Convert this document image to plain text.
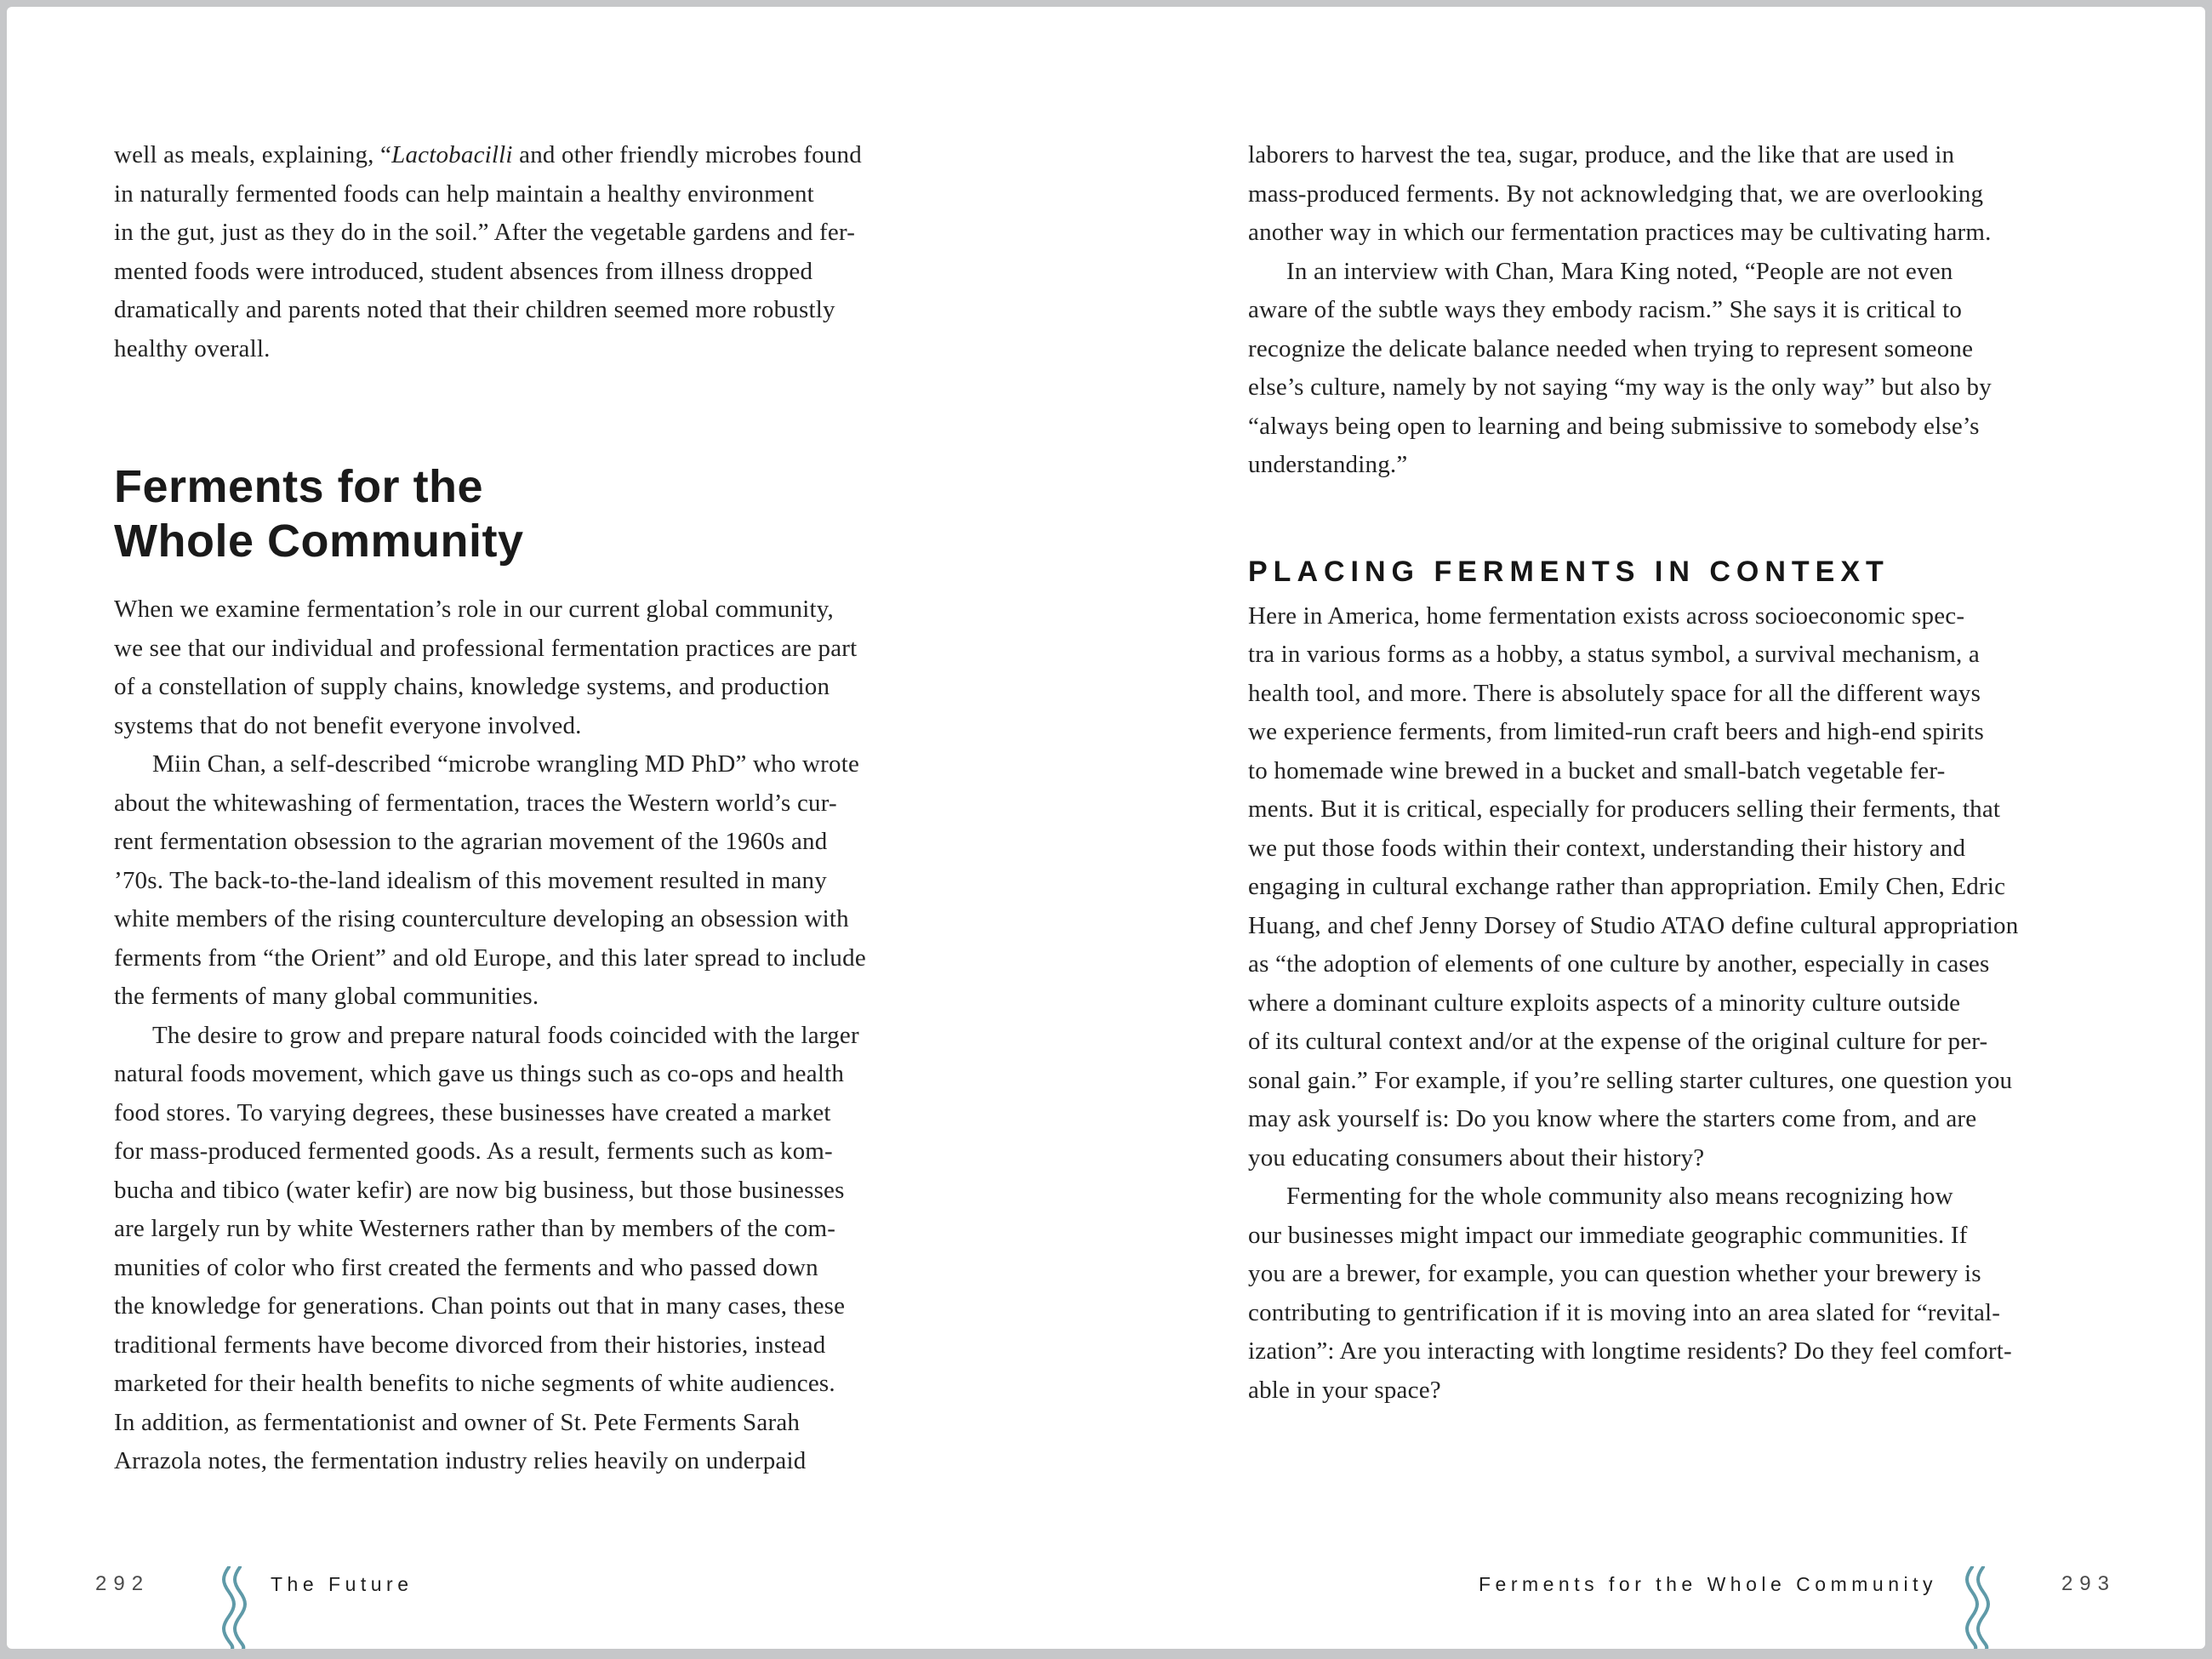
well as meals, explaining, “Lactobacilli and other friendly microbes found
in naturally fermented foods can help maintain a healthy environment
in the gut, just as they do in the soil.” After the vegetable gardens and fer-
mented foods were introduced, student absences from illness dropped
dramatically and parents noted that their children seemed more robustly
healthy overall.

Ferments for the
Whole Community

When we examine fermentation’s role in our current global community,
we see that our individual and professional fermentation practices are part
of a constellation of supply chains, knowledge systems, and production
systems that do not benefit everyone involved.

Miin Chan, a self-described “microbe wrangling MD PhD” who wrote
about the whitewashing of fermentation, traces the Western world’s cur-
rent fermentation obsession to the agrarian movement of the 1960s and
’70s. The back-to-the-land idealism of this movement resulted in many
white members of the rising counterculture developing an obsession with
ferments from “the Orient” and old Europe, and this later spread to include
the ferments of many global communities.

The desire to grow and prepare natural foods coincided with the larger
natural foods movement, which gave us things such as co-ops and health
food stores. To varying degrees, these businesses have created a market
for mass-produced fermented goods. As a result, ferments such as kom-
bucha and tibico (water kefir) are now big business, but those businesses
are largely run by white Westerners rather than by members of the com-
munities of color who first created the ferments and who passed down
the knowledge for generations. Chan points out that in many cases, these
traditional ferments have become divorced from their histories, instead
marketed for their health benefits to niche segments of white audiences.
In addition, as fermentationist and owner of St. Pete Ferments Sarah
Arrazola notes, the fermentation industry relies heavily on underpaid

laborers to harvest the tea, sugar, produce, and the like that are used in
mass-produced ferments. By not acknowledging that, we are overlooking
another way in which our fermentation practices may be cultivating harm.

In an interview with Chan, Mara King noted, “People are not even
aware of the subtle ways they embody racism.” She says it is critical to
recognize the delicate balance needed when trying to represent someone
else’s culture, namely by not saying “my way is the only way” but also by
“always being open to learning and being submissive to somebody else’s
understanding.”

PLACING FERMENTS IN CONTEXT

Here in America, home fermentation exists across socioeconomic spec-
tra in various forms as a hobby, a status symbol, a survival mechanism, a
health tool, and more. There is absolutely space for all the different ways
we experience ferments, from limited-run craft beers and high-end spirits
to homemade wine brewed in a bucket and small-batch vegetable fer-
ments. But it is critical, especially for producers selling their ferments, that
we put those foods within their context, understanding their history and
engaging in cultural exchange rather than appropriation. Emily Chen, Edric
Huang, and chef Jenny Dorsey of Studio ATAO define cultural appropriation
as “the adoption of elements of one culture by another, especially in cases
where a dominant culture exploits aspects of a minority culture outside
of its cultural context and/or at the expense of the original culture for per-
sonal gain.” For example, if you’re selling starter cultures, one question you
may ask yourself is: Do you know where the starters come from, and are
you educating consumers about their history?

Fermenting for the whole community also means recognizing how
our businesses might impact our immediate geographic communities. If
you are a brewer, for example, you can question whether your brewery is
contributing to gentrification if it is moving into an area slated for “revital-
ization”: Are you interacting with longtime residents? Do they feel comfort-
able in your space?

292	The Future	Ferments for the Whole Community	293
